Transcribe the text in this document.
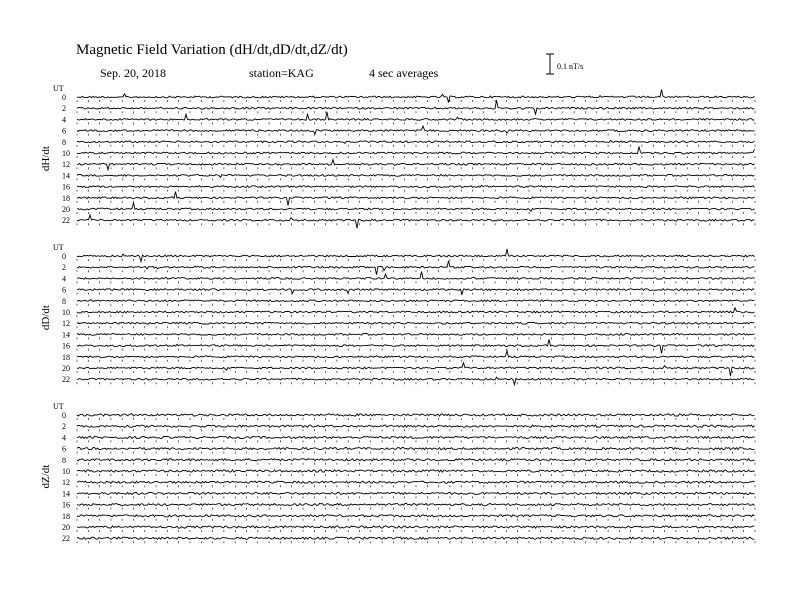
Magnetic Field Variation (dH/dt,dD/dt,dZ/dt)
Sep. 20, 2018	station=KAG	4 sec averages	0.1 nT/s
UT
dH/dt
0
2
4
6
8
10
12
14
16
18
20
22
UT
dD/dt
0
2
4
6
8
10
12
14
16
18
20
22
UT
dZ/dt
0
2
4
6
8
10
12
14
16
18
20
22
